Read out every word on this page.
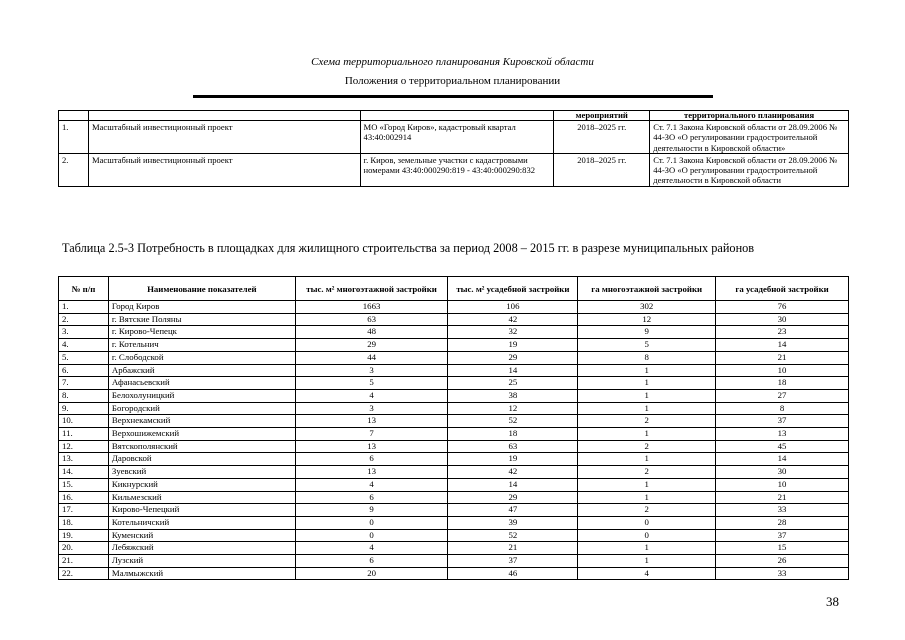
Схема территориального планирования Кировской области
Положения о территориальном планировании
			мероприятий	территориального планирования
1.	Масштабный инвестиционный проект	МО «Город Киров», кадастровый квартал 43:40:002914	2018–2025 гг.	Ст. 7.1 Закона Кировской области от 28.09.2006 № 44-ЗО «О регулировании градостроительной деятельности в Кировской области»
2.	Масштабный инвестиционный проект	г. Киров, земельные участки с кадастровыми номерами 43:40:000290:819 - 43:40:000290:832	2018–2025 гг.	Ст. 7.1 Закона Кировской области от 28.09.2006 № 44-ЗО «О регулировании градостроительной деятельности в Кировской области
Таблица 2.5-3 Потребность в площадках для жилищного строительства за период 2008 – 2015 гг. в разрезе муниципальных районов
№ п/п	Наименование показателей	тыс. м² многоэтажной застройки	тыс. м² усадебной застройки	га многоэтажной застройки	га усадебной застройки
1.	Город Киров	1663	106	302	76
2.	г. Вятские Поляны	63	42	12	30
3.	г. Кирово-Чепецк	48	32	9	23
4.	г. Котельнич	29	19	5	14
5.	г. Слободской	44	29	8	21
6.	Арбажский	3	14	1	10
7.	Афанасьевский	5	25	1	18
8.	Белохолуницкий	4	38	1	27
9.	Богородский	3	12	1	8
10.	Верхнекамский	13	52	2	37
11.	Верхошижемский	7	18	1	13
12.	Вятскополянский	13	63	2	45
13.	Даровской	6	19	1	14
14.	Зуевский	13	42	2	30
15.	Кикнурский	4	14	1	10
16.	Кильмезский	6	29	1	21
17.	Кирово-Чепецкий	9	47	2	33
18.	Котельничский	0	39	0	28
19.	Куменский	0	52	0	37
20.	Лебяжский	4	21	1	15
21.	Лузский	6	37	1	26
22.	Малмыжский	20	46	4	33
38
